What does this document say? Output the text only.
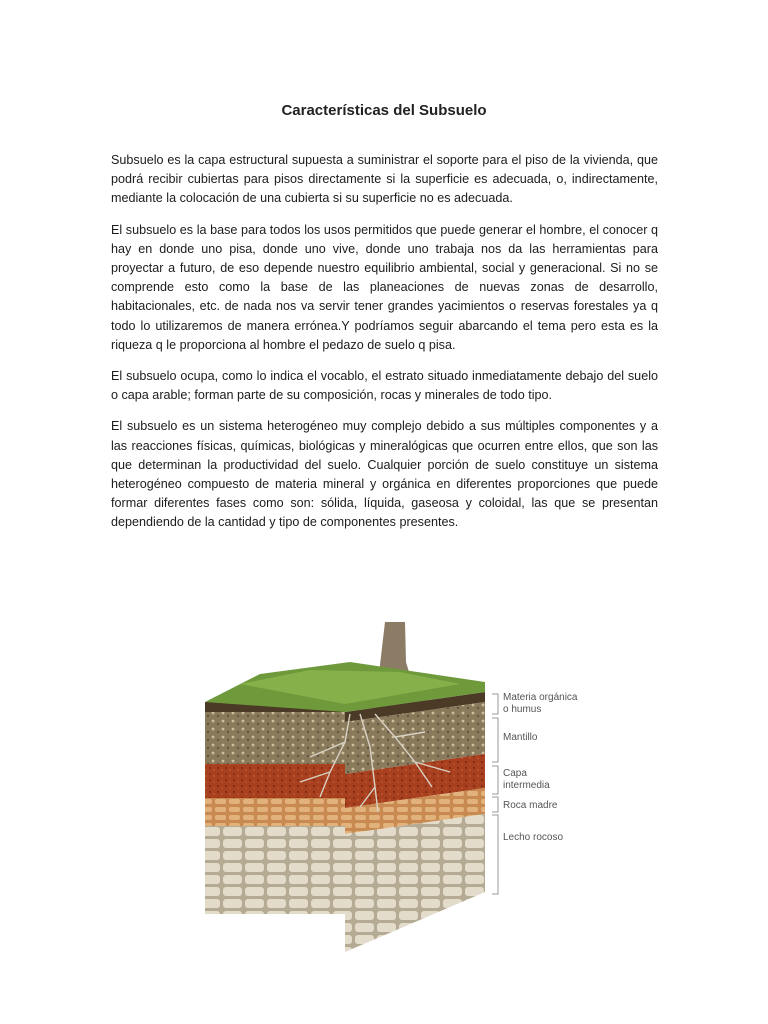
Características del Subsuelo

Subsuelo es la capa estructural supuesta a suministrar el soporte para el piso de la vivienda, que podrá recibir cubiertas para pisos directamente si la superficie es adecuada, o, indirectamente, mediante la colocación de una cubierta si su superficie no es adecuada.

El subsuelo es la base para todos los usos permitidos que puede generar el hombre, el conocer q hay en donde uno pisa, donde uno vive, donde uno trabaja nos da las herramientas para proyectar a futuro, de eso depende nuestro equilibrio ambiental, social y generacional. Si no se comprende esto como la base de las planeaciones de nuevas zonas de desarrollo, habitacionales, etc. de nada nos va servir tener grandes yacimientos o reservas forestales ya q todo lo utilizaremos de manera errónea.Y podríamos seguir abarcando el tema pero esta es la riqueza q le proporciona al hombre el pedazo de suelo q pisa.

El subsuelo ocupa, como lo indica el vocablo, el estrato situado inmediatamente debajo del suelo o capa arable; forman parte de su composición, rocas y minerales de todo tipo.

El subsuelo es un sistema heterogéneo muy complejo debido a sus múltiples componentes y a las reacciones físicas, químicas, biológicas y mineralógicas que ocurren entre ellos, que son las que determinan la productividad del suelo. Cualquier porción de suelo constituye un sistema heterogéneo compuesto de materia mineral y orgánica en diferentes proporciones que puede formar diferentes fases como son: sólida, líquida, gaseosa y coloidal, las que se presentan dependiendo de la cantidad y tipo de componentes presentes.

Materia orgánica
o humus
Mantillo
Capa
intermedia
Roca madre
Lecho rocoso
